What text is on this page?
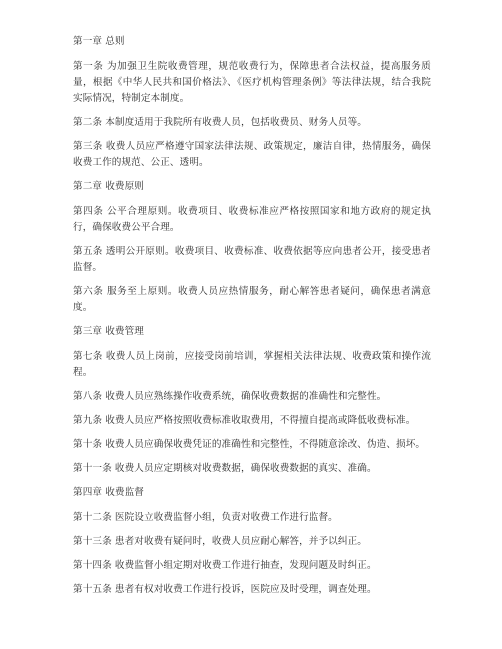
第一章 总则

第一条 为加强卫生院收费管理，规范收费行为，保障患者合法权益，提高服务质量，根据《中华人民共和国价格法》、《医疗机构管理条例》等法律法规，结合我院实际情况，特制定本制度。

第二条 本制度适用于我院所有收费人员，包括收费员、财务人员等。

第三条 收费人员应严格遵守国家法律法规、政策规定，廉洁自律，热情服务，确保收费工作的规范、公正、透明。

第二章 收费原则

第四条 公平合理原则。收费项目、收费标准应严格按照国家和地方政府的规定执行，确保收费公平合理。

第五条 透明公开原则。收费项目、收费标准、收费依据等应向患者公开，接受患者监督。

第六条 服务至上原则。收费人员应热情服务，耐心解答患者疑问，确保患者满意度。

第三章 收费管理

第七条 收费人员上岗前，应接受岗前培训，掌握相关法律法规、收费政策和操作流程。

第八条 收费人员应熟练操作收费系统，确保收费数据的准确性和完整性。

第九条 收费人员应严格按照收费标准收取费用，不得擅自提高或降低收费标准。

第十条 收费人员应确保收费凭证的准确性和完整性，不得随意涂改、伪造、损坏。

第十一条 收费人员应定期核对收费数据，确保收费数据的真实、准确。

第四章 收费监督

第十二条 医院设立收费监督小组，负责对收费工作进行监督。

第十三条 患者对收费有疑问时，收费人员应耐心解答，并予以纠正。

第十四条 收费监督小组定期对收费工作进行抽查，发现问题及时纠正。

第十五条 患者有权对收费工作进行投诉，医院应及时受理，调查处理。
